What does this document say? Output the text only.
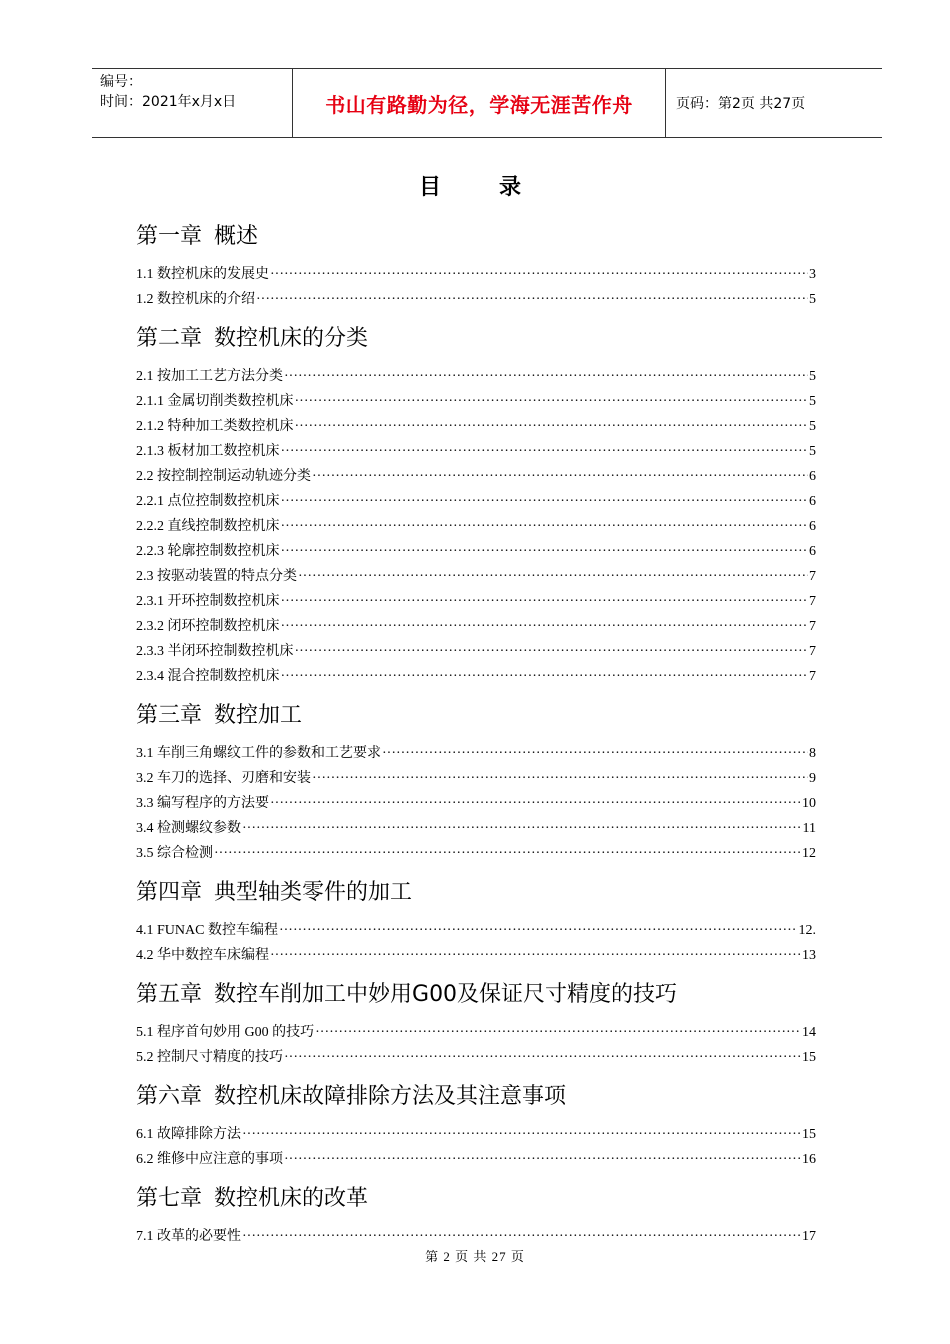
编号：
时间：2021年x月x日	书山有路勤为径，学海无涯苦作舟	页码：第2页 共27页
目录
第一章 概述
1.1 数控机床的发展史 ·····	3
1.2 数控机床的介绍 ·····	5
第二章 数控机床的分类
2.1 按加工工艺方法分类 ·····	5
2.1.1 金属切削类数控机床 ·····	5
2.1.2 特种加工类数控机床 ·····	5
2.1.3 板材加工数控机床 ·····	5
2.2 按控制控制运动轨迹分类 ·····	6
2.2.1 点位控制数控机床 ·····	6
2.2.2 直线控制数控机床 ·····	6
2.2.3 轮廓控制数控机床 ·····	6
2.3 按驱动装置的特点分类 ·····	7
2.3.1 开环控制数控机床 ·····	7
2.3.2 闭环控制数控机床 ·····	7
2.3.3 半闭环控制数控机床 ·····	7
2.3.4 混合控制数控机床 ·····	7
第三章 数控加工
3.1 车削三角螺纹工件的参数和工艺要求 ·····	8
3.2 车刀的选择、刃磨和安装 ·····	9
3.3 编写程序的方法要 ·····	10
3.4 检测螺纹参数 ·····	11
3.5 综合检测 ·····	12
第四章 典型轴类零件的加工
4.1 FUNAC 数控车编程 ·····	12.
4.2 华中数控车床编程 ·····	13
第五章 数控车削加工中妙用G00及保证尺寸精度的技巧
5.1 程序首句妙用 G00 的技巧 ·····	14
5.2 控制尺寸精度的技巧 ·····	15
第六章 数控机床故障排除方法及其注意事项
6.1 故障排除方法 ·····	15
6.2 维修中应注意的事项 ·····	16
第七章 数控机床的改革
7.1 改革的必要性 ·····	17
第 2 页 共 27 页
